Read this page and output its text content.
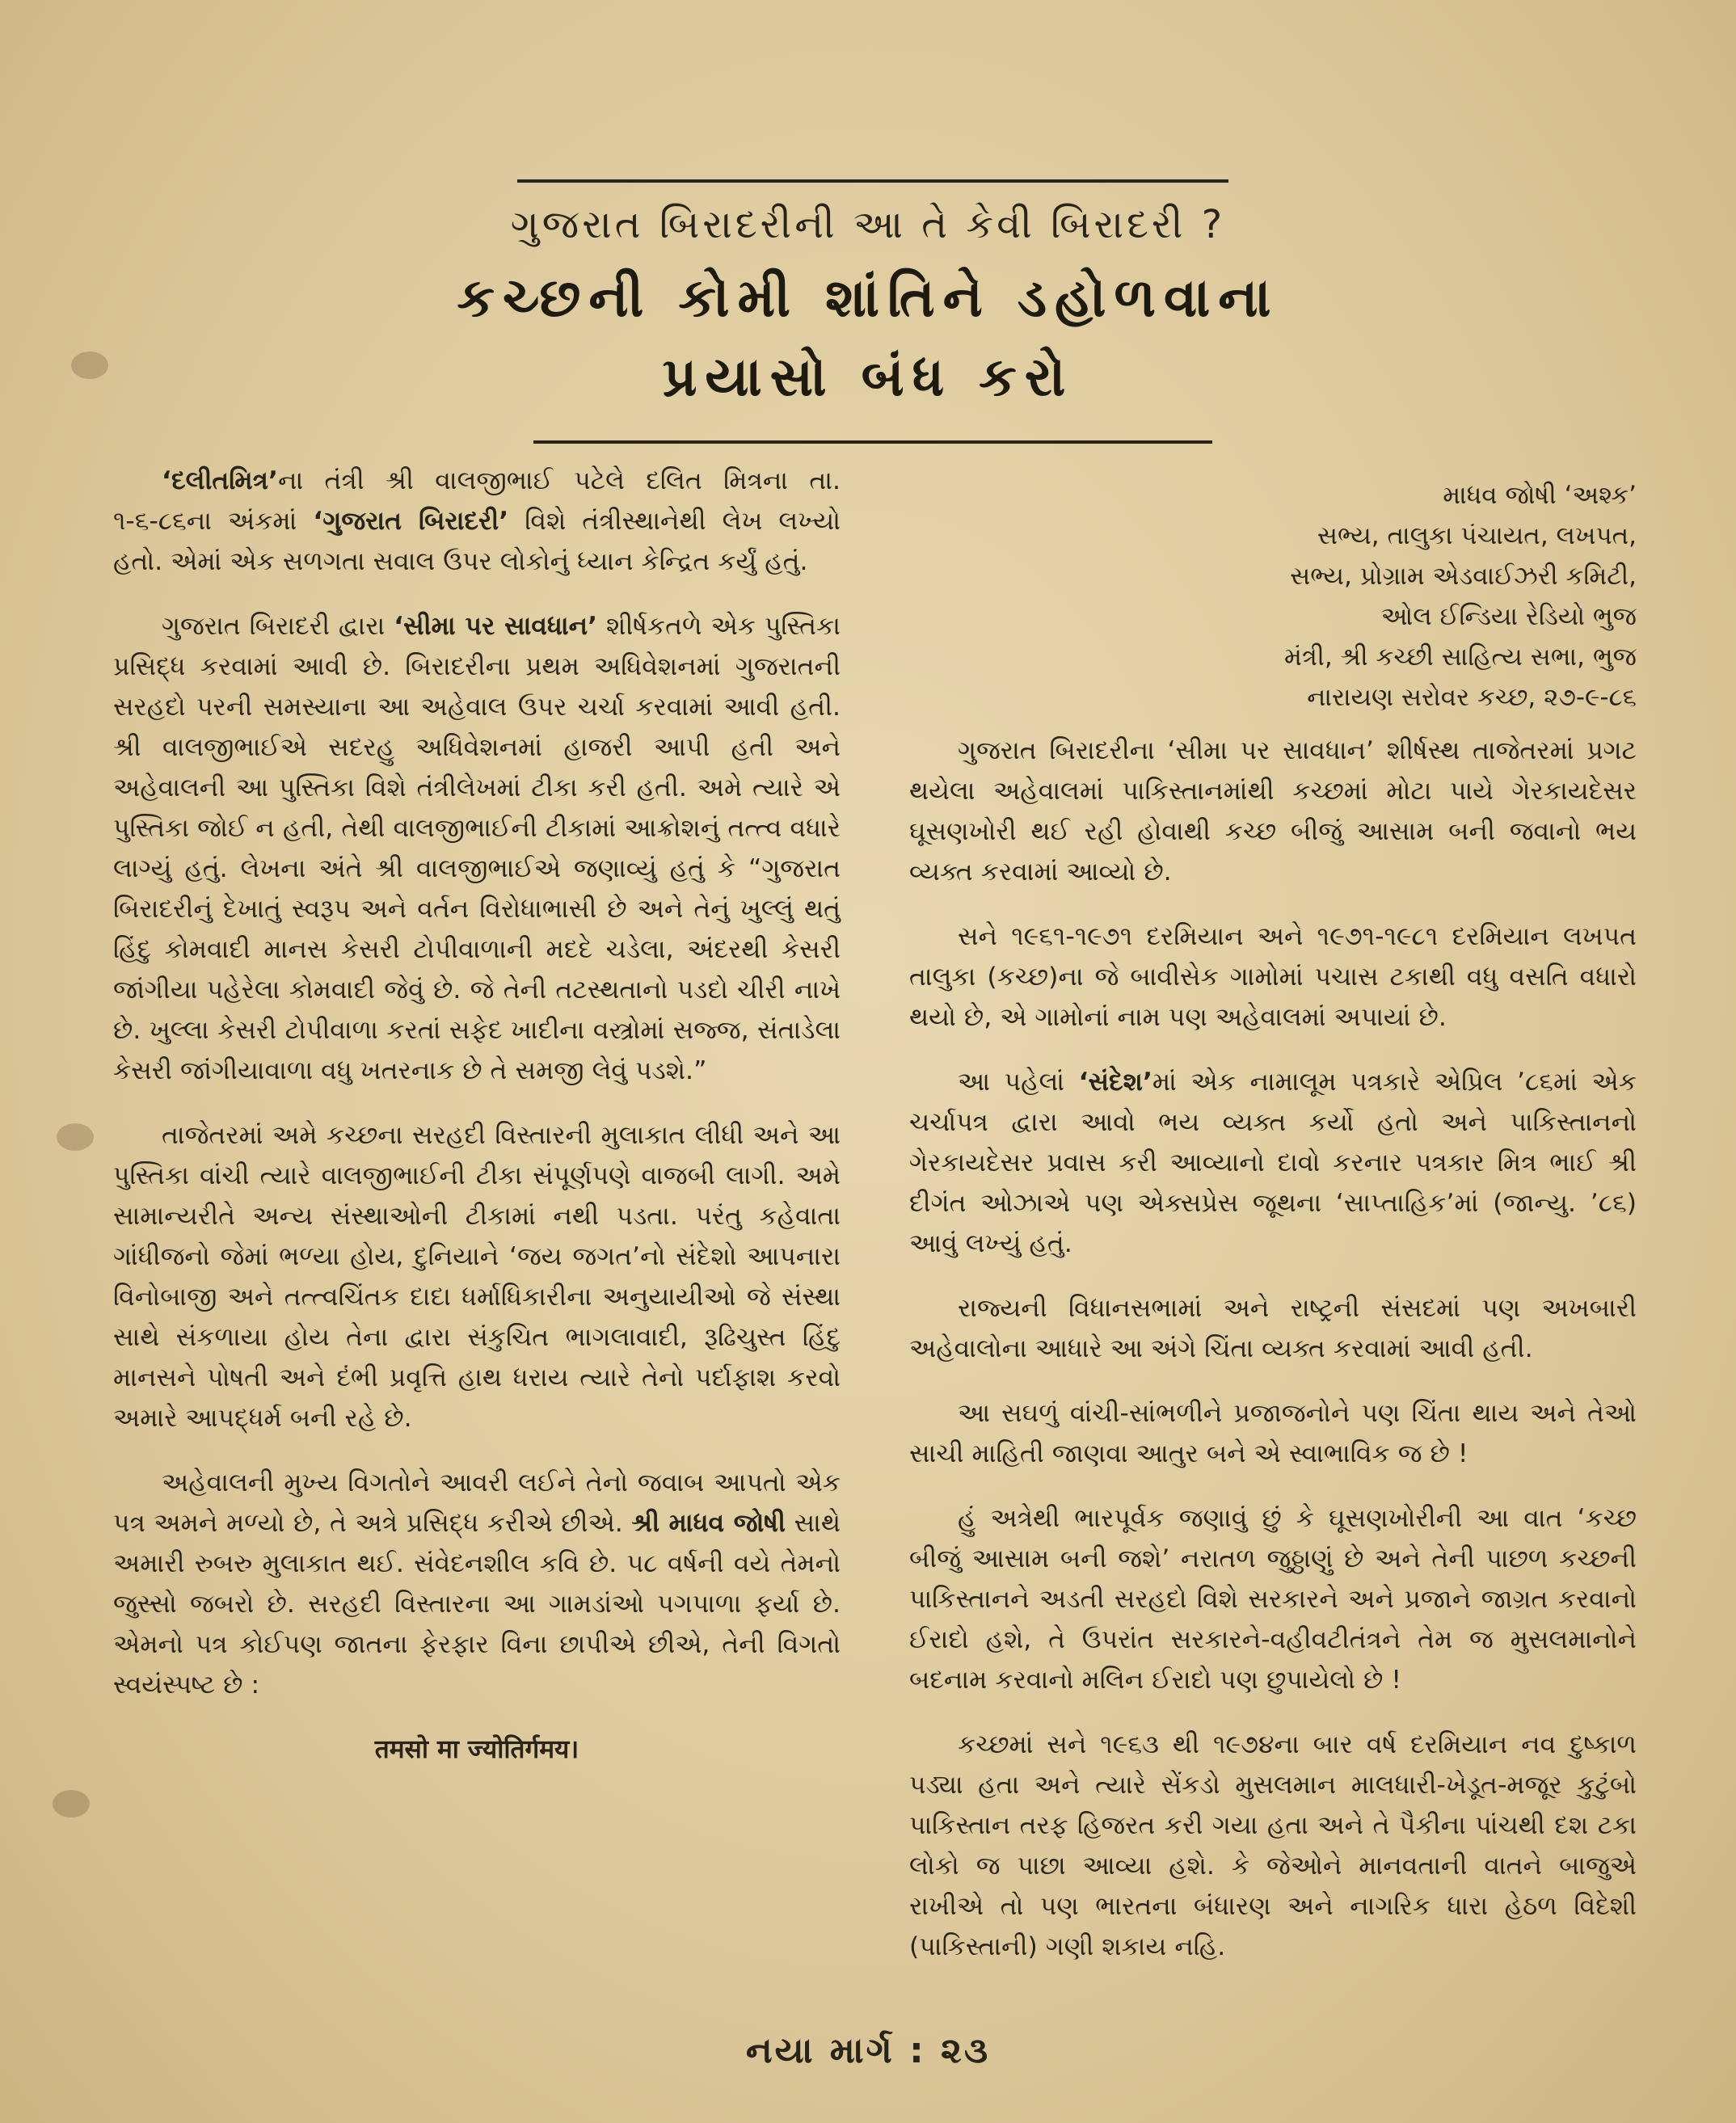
ગુજરાત બિરાદરીની આ તે કેવી બિરાદરી ?
કચ્છની કોમી શાંતિને ડહોળવાના
પ્રયાસો બંધ કરો

‘દલીતમિત્ર’ના તંત્રી શ્રી વાલજીભાઈ પટેલે દલિત મિત્રના તા. ૧-૬-૮૬ના અંકમાં ‘ગુજરાત બિરાદરી’ વિશે તંત્રીસ્થાનેથી લેખ લખ્યો હતો. એમાં એક સળગતા સવાલ ઉપર લોકોનું ધ્યાન કેન્દ્રિત કર્યું હતું.

ગુજરાત બિરાદરી દ્વારા ‘સીમા પર સાવધાન’ શીર્ષકતળે એક પુસ્તિકા પ્રસિદ્ધ કરવામાં આવી છે. બિરાદરીના પ્રથમ અધિવેશનમાં ગુજરાતની સરહદો પરની સમસ્યાના આ અહેવાલ ઉપર ચર્ચા કરવામાં આવી હતી. શ્રી વાલજીભાઈએ સદરહુ અધિવેશનમાં હાજરી આપી હતી અને અહેવાલની આ પુસ્તિકા વિશે તંત્રીલેખમાં ટીકા કરી હતી. અમે ત્યારે એ પુસ્તિકા જોઈ ન હતી, તેથી વાલજીભાઈની ટીકામાં આક્રોશનું તત્ત્વ વધારે લાગ્યું હતું. લેખના અંતે શ્રી વાલજીભાઈએ જણાવ્યું હતું કે “ગુજરાત બિરાદરીનું દેખાતું સ્વરૂપ અને વર્તન વિરોધાભાસી છે અને તેનું ખુલ્લું થતું હિંદુ કોમવાદી માનસ કેસરી ટોપીવાળાની મદદે ચડેલા, અંદરથી કેસરી જાંગીયા પહેરેલા કોમવાદી જેવું છે. જે તેની તટસ્થતાનો પડદો ચીરી નાખે છે. ખુલ્લા કેસરી ટોપીવાળા કરતાં સફેદ ખાદીના વસ્ત્રોમાં સજ્જ, સંતાડેલા કેસરી જાંગીયાવાળા વધુ ખતરનાક છે તે સમજી લેવું પડશે.”

તાજેતરમાં અમે કચ્છના સરહદી વિસ્તારની મુલાકાત લીધી અને આ પુસ્તિકા વાંચી ત્યારે વાલજીભાઈની ટીકા સંપૂર્ણપણે વાજબી લાગી. અમે સામાન્યરીતે અન્ય સંસ્થાઓની ટીકામાં નથી પડતા. પરંતુ કહેવાતા ગાંધીજનો જેમાં ભળ્યા હોય, દુનિયાને ‘જય જગત’નો સંદેશો આપનારા વિનોબાજી અને તત્ત્વચિંતક દાદા ધર્માધિકારીના અનુયાયીઓ જે સંસ્થા સાથે સંકળાયા હોય તેના દ્વારા સંકુચિત ભાગલાવાદી, રૂઢિચુસ્ત હિંદુ માનસને પોષતી અને દંભી પ્રવૃત્તિ હાથ ધરાય ત્યારે તેનો પર્દાફાશ કરવો અમારે આપદ્ધર્મ બની રહે છે.

અહેવાલની મુખ્ય વિગતોને આવરી લઈને તેનો જવાબ આપતો એક પત્ર અમને મળ્યો છે, તે અત્રે પ્રસિદ્ધ કરીએ છીએ. શ્રી માધવ જોષી સાથે અમારી રુબરુ મુલાકાત થઈ. સંવેદનશીલ કવિ છે. ૫૮ વર્ષની વયે તેમનો જુસ્સો જબરો છે. સરહદી વિસ્તારના આ ગામડાંઓ પગપાળા ફર્યા છે. એમનો પત્ર કોઈપણ જાતના ફેરફાર વિના છાપીએ છીએ, તેની વિગતો સ્વયંસ્પષ્ટ છે :

तमसो मा ज्योतिर्गमय।

માધવ જોષી ‘અશ્ક’
સભ્ય, તાલુકા પંચાયત, લખપત,
સભ્ય, પ્રોગ્રામ એડવાઈઝરી કમિટી,
ઓલ ઈન્ડિયા રેડિયો ભુજ
મંત્રી, શ્રી કચ્છી સાહિત્ય સભા, ભુજ
નારાયણ સરોવર કચ્છ, ૨૭-૯-૮૬

ગુજરાત બિરાદરીના ‘સીમા પર સાવધાન’ શીર્ષસ્થ તાજેતરમાં પ્રગટ થયેલા અહેવાલમાં પાકિસ્તાનમાંથી કચ્છમાં મોટા પાયે ગેરકાયદેસર ઘૂસણખોરી થઈ રહી હોવાથી કચ્છ બીજું આસામ બની જવાનો ભય વ્યક્ત કરવામાં આવ્યો છે.

સને ૧૯૬૧-૧૯૭૧ દરમિયાન અને ૧૯૭૧-૧૯૮૧ દરમિયાન લખપત તાલુકા (કચ્છ)ના જે બાવીસેક ગામોમાં પચાસ ટકાથી વધુ વસતિ વધારો થયો છે, એ ગામોનાં નામ પણ અહેવાલમાં અપાયાં છે.

આ પહેલાં ‘સંદેશ’માં એક નામાલૂમ પત્રકારે એપ્રિલ ’૮૬માં એક ચર્ચાપત્ર દ્વારા આવો ભય વ્યક્ત કર્યો હતો અને પાકિસ્તાનનો ગેરકાયદેસર પ્રવાસ કરી આવ્યાનો દાવો કરનાર પત્રકાર મિત્ર ભાઈ શ્રી દીગંત ઓઝાએ પણ એક્સપ્રેસ જૂથના ‘સાપ્તાહિક’માં (જાન્યુ. ’૮૬) આવું લખ્યું હતું.

રાજ્યની વિધાનસભામાં અને રાષ્ટ્રની સંસદમાં પણ અખબારી અહેવાલોના આધારે આ અંગે ચિંતા વ્યક્ત કરવામાં આવી હતી.

આ સઘળું વાંચી-સાંભળીને પ્રજાજનોને પણ ચિંતા થાય અને તેઓ સાચી માહિતી જાણવા આતુર બને એ સ્વાભાવિક જ છે !

હું અત્રેથી ભારપૂર્વક જણાવું છું કે ઘૂસણખોરીની આ વાત ‘કચ્છ બીજું આસામ બની જશે’ નરાતળ જુઠ્ઠાણું છે અને તેની પાછળ કચ્છની પાકિસ્તાનને અડતી સરહદો વિશે સરકારને અને પ્રજાને જાગ્રત કરવાનો ઈરાદો હશે, તે ઉપરાંત સરકારને-વહીવટીતંત્રને તેમ જ મુસલમાનોને બદનામ કરવાનો મલિન ઈરાદો પણ છુપાયેલો છે !

કચ્છમાં સને ૧૯૬૩ થી ૧૯૭૪ના બાર વર્ષ દરમિયાન નવ દુષ્કાળ પડ્યા હતા અને ત્યારે સેંકડો મુસલમાન માલધારી-ખેડૂત-મજૂર કુટુંબો પાકિસ્તાન તરફ હિજરત કરી ગયા હતા અને તે પૈકીના પાંચથી દશ ટકા લોકો જ પાછા આવ્યા હશે. કે જેઓને માનવતાની વાતને બાજુએ રાખીએ તો પણ ભારતના બંધારણ અને નાગરિક ધારા હેઠળ વિદેશી (પાકિસ્તાની) ગણી શકાય નહિ.

નયા માર્ગ : ૨૩
